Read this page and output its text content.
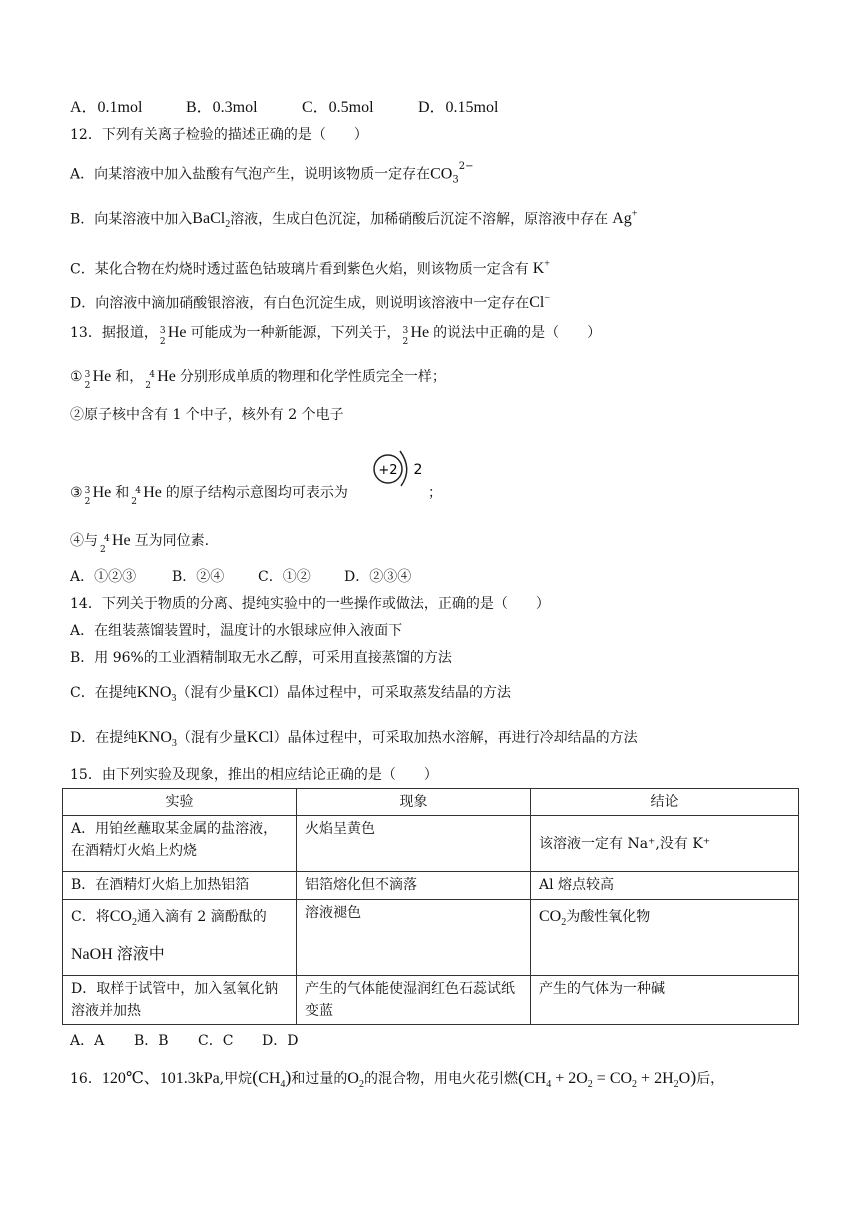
A．0.1mol	B．0.3mol	C．0.5mol	D．0.15mol
12．下列有关离子检验的描述正确的是（　　）
A．向某溶液中加入盐酸有气泡产生，说明该物质一定存在$CO_3^{2-}$
B．向某溶液中加入BaCl$_2$溶液，生成白色沉淀，加稀硝酸后沉淀不溶解，原溶液中存在 Ag+
C．某化合物在灼烧时透过蓝色钴玻璃片看到紫色火焰，则该物质一定含有 K+
D．向溶液中滴加硝酸银溶液，有白色沉淀生成，则说明该溶液中一定存在Cl−
13．据报道， 3
2
He 可能成为一种新能源，下列关于， 3
2
He 的说法中正确的是（　　）
① 3
2
He 和， 4
2
He 分别形成单质的物理和化学性质完全一样；
②原子核中含有 1 个中子，核外有 2 个电子
+2 2
③ 3
2
He 和 4
2
He 的原子结构示意图均可表示为	；
④与 4
2
He 互为同位素.
A．①②③	B．②④ C．①② D．②③④
14．下列关于物质的分离、提纯实验中的一些操作或做法，正确的是（　　）
A．在组装蒸馏装置时，温度计的水银球应伸入液面下
B．用 96%的工业酒精制取无水乙醇，可采用直接蒸馏的方法
C．在提纯$KNO_3$（混有少量KCl）晶体过程中，可采取蒸发结晶的方法
D．在提纯$KNO_3$（混有少量KCl）晶体过程中，可采取加热水溶解，再进行冷却结晶的方法
15．由下列实验及现象，推出的相应结论正确的是（　　）
实验	现象	结论
A．用铂丝蘸取某金属的盐溶液，在酒精灯火焰上灼烧	火焰呈黄色	该溶液一定有 Na⁺,没有 K⁺
B．在酒精灯火焰上加热铝箔	铝箔熔化但不滴落	Al 熔点较高

C．将$CO_2$通入滴有 2 滴酚酞的
NaOH 溶液中	溶液褪色	$CO_2$为酸性氧化物
D．取样于试管中，加入氢氧化钠溶液并加热	产生的气体能使湿润红色石蕊试纸变蓝	产生的气体为一种碱
A．A B．B C．C D．D
16．120℃、101.3kPa,甲烷$(CH_4)$和过量的$O_2$的混合物，用电火花引燃$(CH_4 + 2O_2 = CO_2 + 2H_2O)$后，
